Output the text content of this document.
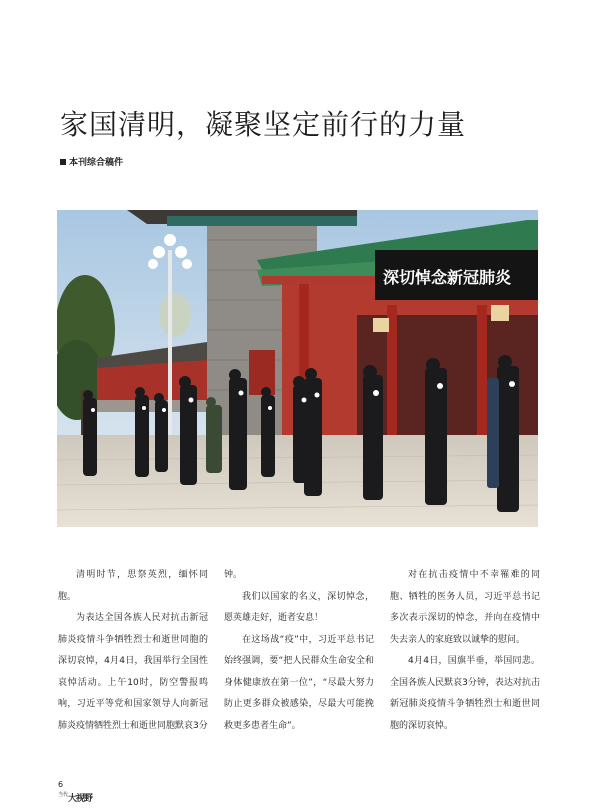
家国清明，凝聚坚定前行的力量
本刊综合稿件
深切悼念新冠肺炎

清明时节，思祭英烈，缅怀同胞。

为表达全国各族人民对抗击新冠肺炎疫情斗争牺牲烈士和逝世同胞的深切哀悼，4月4日，我国举行全国性哀悼活动。上午10时，防空警报鸣响，习近平等党和国家领导人向新冠肺炎疫情牺牲烈士和逝世同胞默哀3分

钟。

我们以国家的名义，深切悼念，愿英雄走好，逝者安息！

在这场战“疫”中，习近平总书记始终强调，要“把人民群众生命安全和身体健康放在第一位”，“尽最大努力防止更多群众被感染，尽最大可能挽救更多患者生命”。

对在抗击疫情中不幸罹难的同胞、牺牲的医务人员，习近平总书记多次表示深切的悼念，并向在疫情中失去亲人的家庭致以诚挚的慰问。

4月4日，国旗半垂，举国同悲。全国各族人民默哀3分钟，表达对抗击新冠肺炎疫情斗争牺牲烈士和逝世同胞的深切哀悼。

6
$^{当代}$大视野
